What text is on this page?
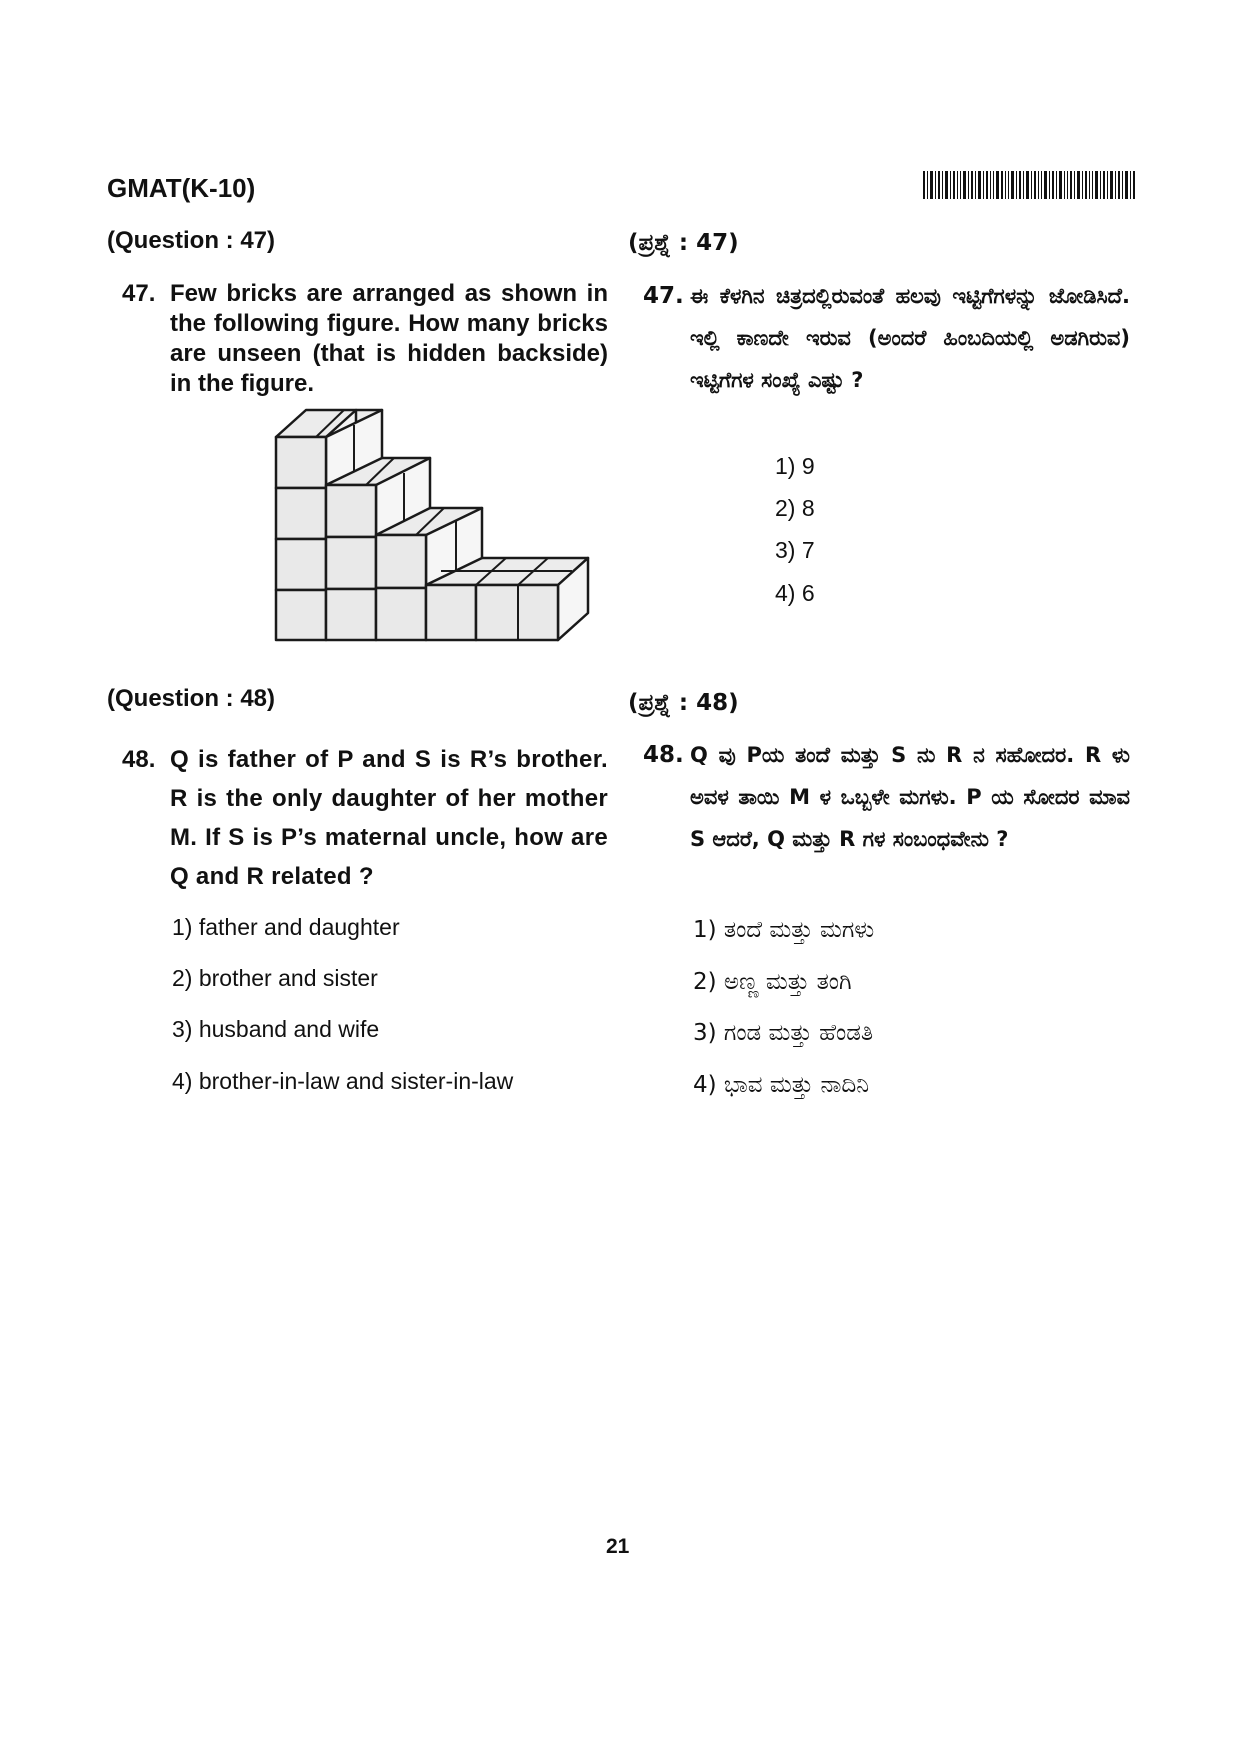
GMAT(K-10)
(Question : 47)
47. Few bricks are arranged as shown in the following figure. How many bricks are unseen (that is hidden backside) in the figure.
(ಪ್ರಶ್ನೆ : 47)
47. ಈ ಕೆಳಗಿನ ಚಿತ್ರದಲ್ಲಿರುವಂತೆ ಹಲವು ಇಟ್ಟಿಗೆಗಳನ್ನು ಜೋಡಿಸಿದೆ. ಇಲ್ಲಿ ಕಾಣದೇ ಇರುವ (ಅಂದರೆ ಹಿಂಬದಿಯಲ್ಲಿ ಅಡಗಿರುವ) ಇಟ್ಟಿಗೆಗಳ ಸಂಖ್ಯೆ ಎಷ್ಟು ?
1) 9
2) 8
3) 7
4) 6
(Question : 48)
48. Q is father of P and S is R’s brother. R is the only daughter of her mother M. If S is P’s maternal uncle, how are Q and R related ?
1) father and daughter
2) brother and sister
3) husband and wife
4) brother-in-law and sister-in-law
(ಪ್ರಶ್ನೆ : 48)
48. Q ವು Pಯ ತಂದೆ ಮತ್ತು S ನು R ನ ಸಹೋದರ. R ಳು ಅವಳ ತಾಯಿ M ಳ ಒಬ್ಬಳೇ ಮಗಳು. P ಯ ಸೋದರ ಮಾವ S ಆದರೆ, Q ಮತ್ತು R ಗಳ ಸಂಬಂಧವೇನು ?
1) ತಂದೆ ಮತ್ತು ಮಗಳು
2) ಅಣ್ಣ ಮತ್ತು ತಂಗಿ
3) ಗಂಡ ಮತ್ತು ಹೆಂಡತಿ
4) ಭಾವ ಮತ್ತು ನಾದಿನಿ
21
